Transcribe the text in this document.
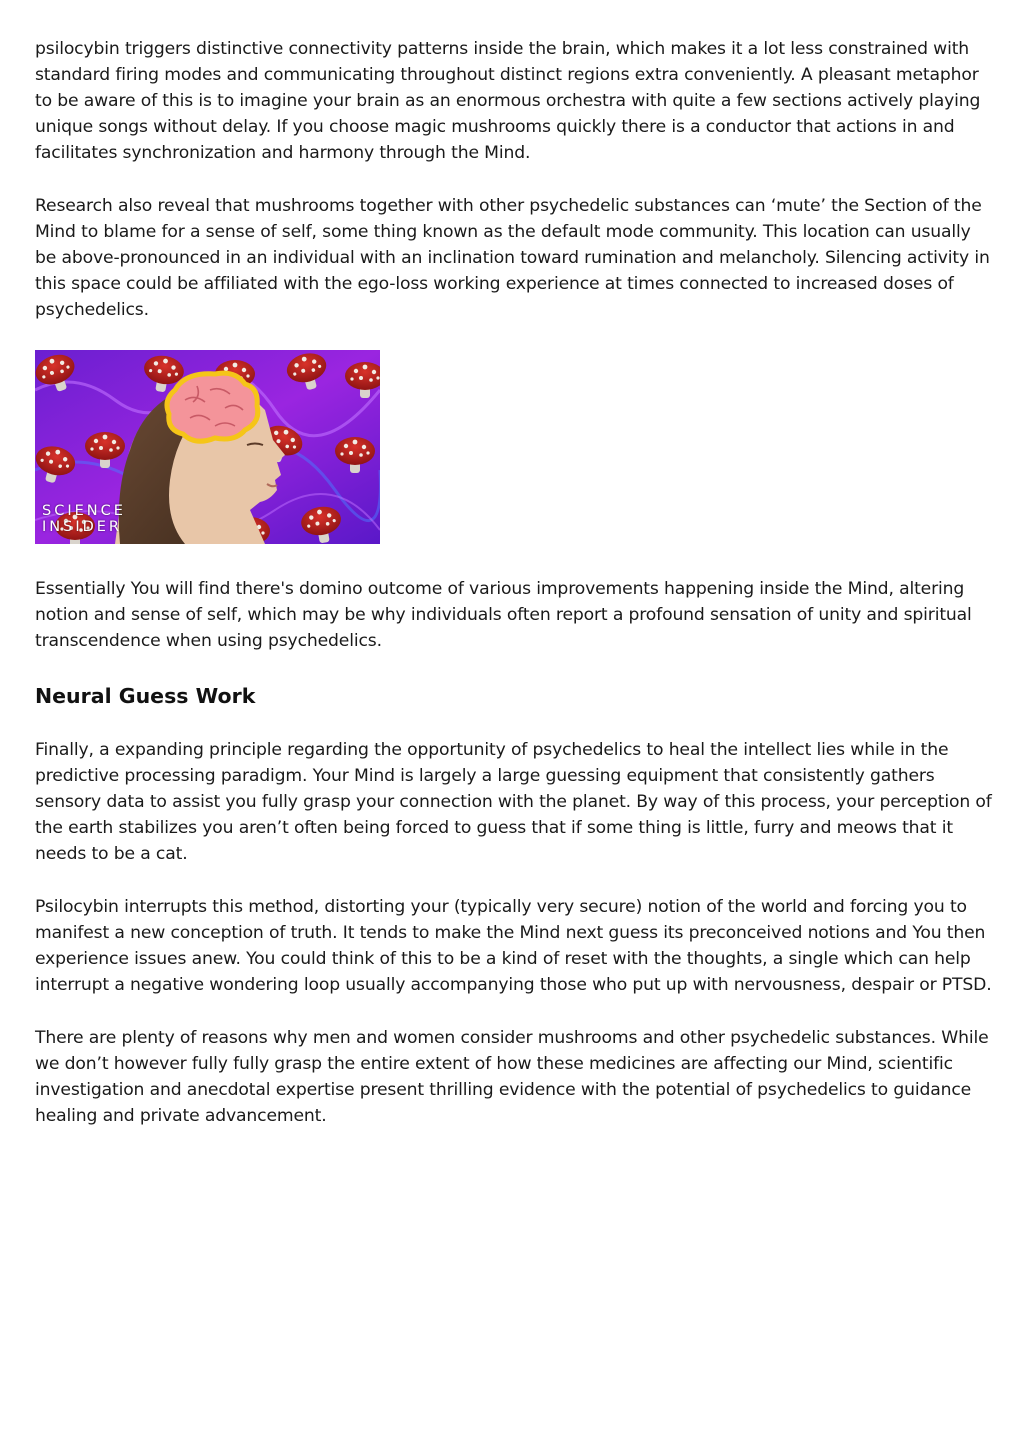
psilocybin triggers distinctive connectivity patterns inside the brain, which makes it a lot less constrained with standard firing modes and communicating throughout distinct regions extra conveniently. A pleasant metaphor to be aware of this is to imagine your brain as an enormous orchestra with quite a few sections actively playing unique songs without delay. If you choose magic mushrooms quickly there is a conductor that actions in and facilitates synchronization and harmony through the Mind.

Research also reveal that mushrooms together with other psychedelic substances can ‘mute’ the Section of the Mind to blame for a sense of self, some thing known as the default mode community. This location can usually be above-pronounced in an individual with an inclination toward rumination and melancholy. Silencing activity in this space could be affiliated with the ego-loss working experience at times connected to increased doses of psychedelics.

SCIENCE
INSIDER

Essentially You will find there's domino outcome of various improvements happening inside the Mind, altering notion and sense of self, which may be why individuals often report a profound sensation of unity and spiritual transcendence when using psychedelics.

Neural Guess Work

Finally, a expanding principle regarding the opportunity of psychedelics to heal the intellect lies while in the predictive processing paradigm. Your Mind is largely a large guessing equipment that consistently gathers sensory data to assist you fully grasp your connection with the planet. By way of this process, your perception of the earth stabilizes you aren’t often being forced to guess that if some thing is little, furry and meows that it needs to be a cat.

Psilocybin interrupts this method, distorting your (typically very secure) notion of the world and forcing you to manifest a new conception of truth. It tends to make the Mind next guess its preconceived notions and You then experience issues anew. You could think of this to be a kind of reset with the thoughts, a single which can help interrupt a negative wondering loop usually accompanying those who put up with nervousness, despair or PTSD.

There are plenty of reasons why men and women consider mushrooms and other psychedelic substances. While we don’t however fully fully grasp the entire extent of how these medicines are affecting our Mind, scientific investigation and anecdotal expertise present thrilling evidence with the potential of psychedelics to guidance healing and private advancement.
